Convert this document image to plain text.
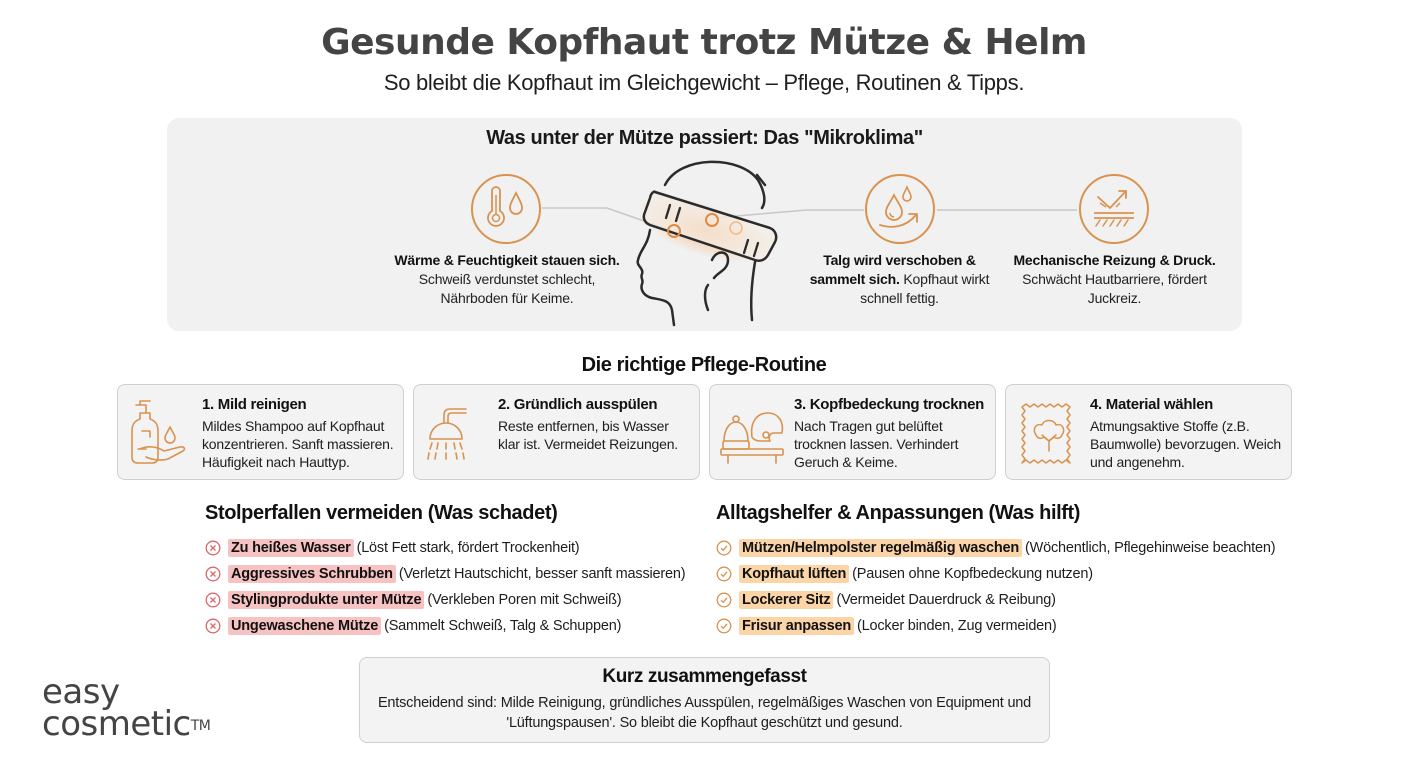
Gesunde Kopfhaut trotz Mütze & Helm
So bleibt die Kopfhaut im Gleichgewicht – Pflege, Routinen & Tipps.
Was unter der Mütze passiert: Das "Mikroklima"
Wärme & Feuchtigkeit stauen sich.
Schweiß verdunstet schlecht, Nährboden für Keime.
Talg wird verschoben & sammelt sich. Kopfhaut wirkt schnell fettig.
Mechanische Reizung & Druck.
Schwächt Hautbarriere, fördert Juckreiz.
Die richtige Pflege-Routine
1. Mild reinigen
Mildes Shampoo auf Kopfhaut konzentrieren. Sanft massieren. Häufigkeit nach Hauttyp.
2. Gründlich ausspülen
Reste entfernen, bis Wasser klar ist. Vermeidet Reizungen.
3. Kopfbedeckung trocknen
Nach Tragen gut belüftet trocknen lassen. Verhindert Geruch & Keime.
4. Material wählen
Atmungsaktive Stoffe (z.B. Baumwolle) bevorzugen. Weich und angenehm.
Stolperfallen vermeiden (Was schadet)
Zu heißes Wasser (Löst Fett stark, fördert Trockenheit)
Aggressives Schrubben (Verletzt Hautschicht, besser sanft massieren)
Stylingprodukte unter Mütze (Verkleben Poren mit Schweiß)
Ungewaschene Mütze (Sammelt Schweiß, Talg & Schuppen)
Alltagshelfer & Anpassungen (Was hilft)
Mützen/Helmpolster regelmäßig waschen (Wöchentlich, Pflegehinweise beachten)
Kopfhaut lüften (Pausen ohne Kopfbedeckung nutzen)
Lockerer Sitz (Vermeidet Dauerdruck & Reibung)
Frisur anpassen (Locker binden, Zug vermeiden)
Kurz zusammengefasst
Entscheidend sind: Milde Reinigung, gründliches Ausspülen, regelmäßiges Waschen von Equipment und 'Lüftungspausen'. So bleibt die Kopfhaut geschützt und gesund.
easy
cosmetic™
